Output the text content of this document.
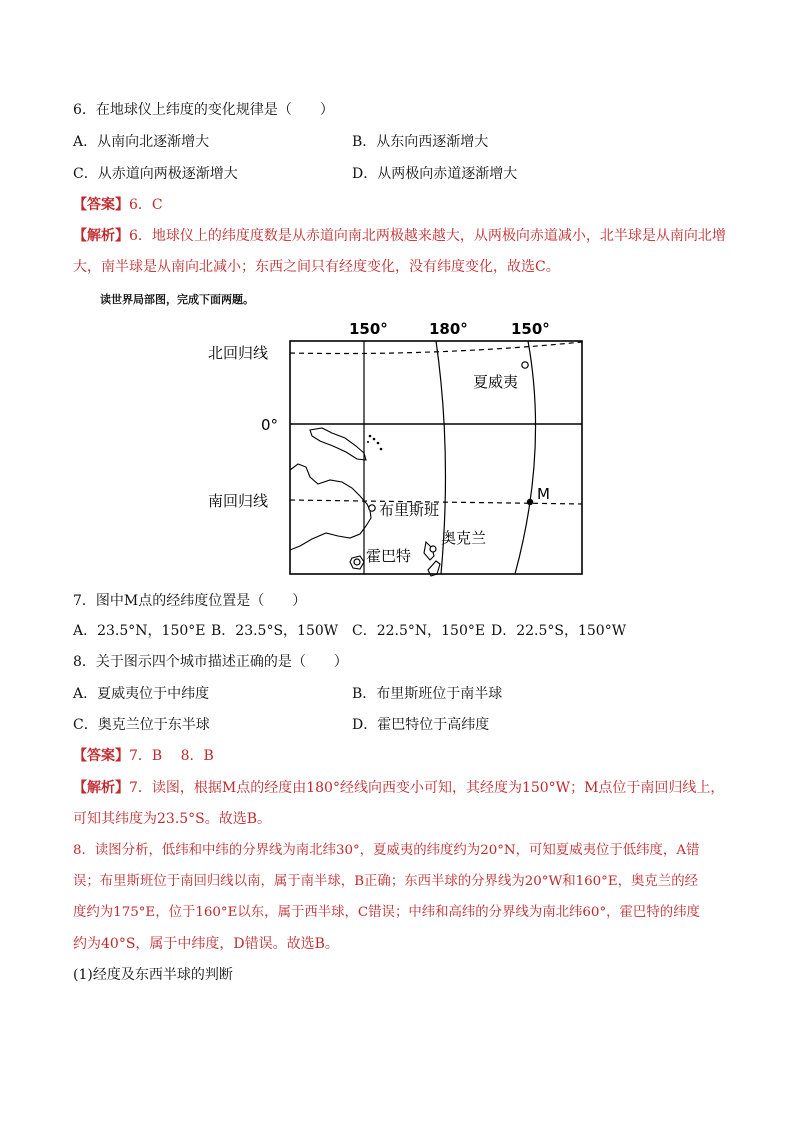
6．在地球仪上纬度的变化规律是（　　）
A．从南向北逐渐增大	B．从东向西逐渐增大
C．从赤道向两极逐渐增大	D．从两极向赤道逐渐增大
【答案】6．C
【解析】6．地球仪上的纬度度数是从赤道向南北两极越来越大，从两极向赤道减小，北半球是从南向北增
大，南半球是从南向北减小；东西之间只有经度变化，没有纬度变化，故选C。
读世界局部图，完成下面两题。
150°	180°	150°
北回归线
0°
南回归线
夏威夷
布里斯班
奥克兰
霍巴特
M
7．图中M点的经纬度位置是（　　）
A．23.5°N，150°E B．23.5°S，150W C．22.5°N，150°E D．22.5°S，150°W
8．关于图示四个城市描述正确的是（　　）
A．夏威夷位于中纬度	B．布里斯班位于南半球
C．奥克兰位于东半球	D．霍巴特位于高纬度
【答案】7．B　 8．B
【解析】7．读图，根据M点的经度由180°经线向西变小可知，其经度为150°W；M点位于南回归线上，
可知其纬度为23.5°S。故选B。
8．读图分析，低纬和中纬的分界线为南北纬30°，夏威夷的纬度约为20°N，可知夏威夷位于低纬度，A错
误；布里斯班位于南回归线以南，属于南半球，B正确；东西半球的分界线为20°W和160°E，奥克兰的经
度约为175°E，位于160°E以东，属于西半球，C错误；中纬和高纬的分界线为南北纬60°，霍巴特的纬度
约为40°S，属于中纬度，D错误。故选B。
(1)经度及东西半球的判断
